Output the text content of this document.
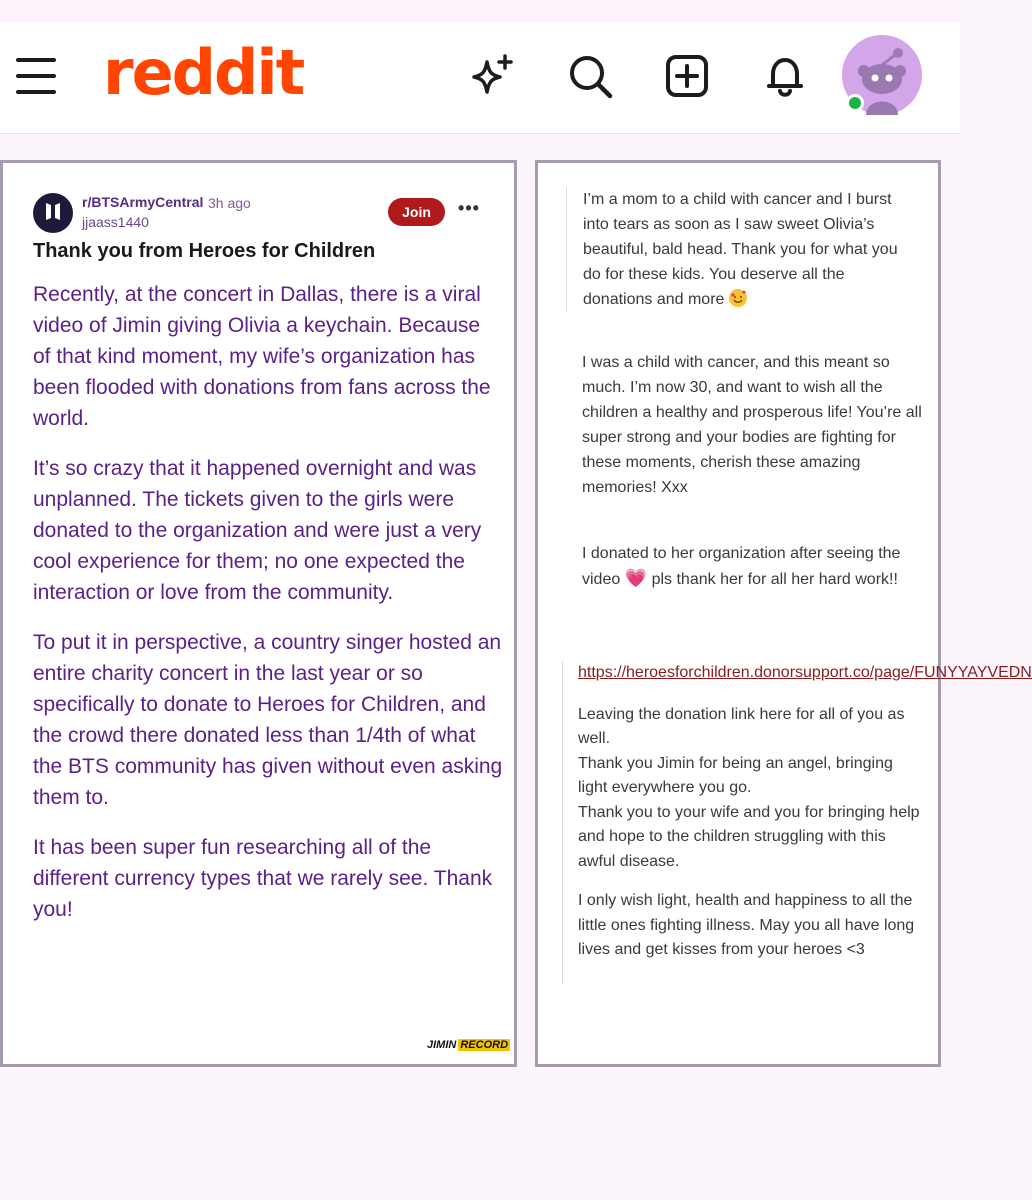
reddit
r/BTSArmyCentral 3h ago
jjaass1440
Join	•••
Thank you from Heroes for Children

Recently, at the concert in Dallas, there is a viral video of Jimin giving Olivia a keychain. Because of that kind moment, my wife’s organization has been flooded with donations from fans across the world.

It’s so crazy that it happened overnight and was unplanned. The tickets given to the girls were donated to the organization and were just a very cool experience for them; no one expected the interaction or love from the community.

To put it in perspective, a country singer hosted an entire charity concert in the last year or so specifically to donate to Heroes for Children, and the crowd there donated less than 1/4th of what the BTS community has given without even asking them to.

It has been super fun researching all of the different currency types that we rarely see. Thank you!

JIMIN RECORD
I’m a mom to a child with cancer and I burst into tears as soon as I saw sweet Olivia’s beautiful, bald head. Thank you for what you do for these kids. You deserve all the donations and more
I was a child with cancer, and this meant so much. I’m now 30, and want to wish all the children a healthy and prosperous life! You’re all super strong and your bodies are fighting for these moments, cherish these amazing memories! Xxx
I donated to her organization after seeing the video 💗 pls thank her for all her hard work!!
https://heroesforchildren.donorsupport.co/page/FUNYYAYVEDN

Leaving the donation link here for all of you as well.
Thank you Jimin for being an angel, bringing light everywhere you go.
Thank you to your wife and you for bringing help and hope to the children struggling with this awful disease.

I only wish light, health and happiness to all the little ones fighting illness. May you all have long lives and get kisses from your heroes <3
